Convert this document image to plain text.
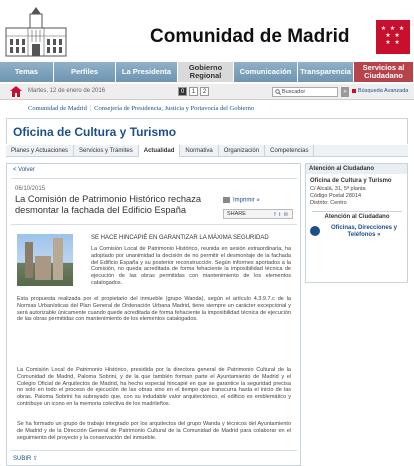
Comunidad de Madrid	★ ★ ★
★ ★
★ ★
Temas	Perfiles	La Presidenta	Gobierno Regional	Comunicación	Transparencia	Servicios al Ciudadano
Martes, 12 de enero de 2016	0	1	2	Buscador	»	Búsqueda Avanzada
Comunidad de Madrid | Consejería de Presidencia, Justicia y Portavocía del Gobierno
Oficina de Cultura y Turismo
Planes y Actuaciones	Servicios y Trámites	Actualidad	Normativa	Organización	Competencias
< Volver
06/10/2015
La Comisión de Patrimonio Histórico rechaza desmontar la fachada del Edificio España
Imprimir »
SHARE	f t ✉
SE HACE HINCAPIÉ EN GARANTIZAR LA MÁXIMA SEGURIDAD
La Comisión Local de Patrimonio Histórico, reunida en sesión extraordinaria, ha adoptado por unanimidad la decisión de no permitir el desmontaje de la fachada del Edificio España y su posterior reconstrucción. Según informes aportados a la Comisión, no queda acreditada de forma fehaciente la imposibilidad técnica de ejecución de las obras permitidas con mantenimiento de los elementos catalogados.
Esta propuesta realizada por el propietario del inmueble (grupo Wanda), según el artículo 4.3.9.7.c de la Normas Urbanísticas del Plan General de Ordenación Urbana Madrid, tiene siempre un carácter excepcional y será autorizable únicamente cuando quede acreditada de forma fehaciente la imposibilidad técnica de ejecución de las obras permitidas con mantenimiento de los elementos catalogados.
La Comisión Local de Patrimonio Histórico, presidida por la directora general de Patrimonio Cultural de la Comunidad de Madrid, Paloma Sobrini, y de la que también forman parte el Ayuntamiento de Madrid y el Colegio Oficial de Arquitectos de Madrid, ha hecho especial hincapié en que se garantice la seguridad precisa no solo en todo el proceso de ejecución de las obras sino en el tiempo que transcurra hasta el inicio de las obras. Paloma Sobrini ha subrayado que, con su indudable valor arquitectónico, el edificio es emblemático y contribuye un icono en la memoria colectiva de los madrileños.
Se ha formado un grupo de trabajo integrado por los arquitectos del grupo Wanda y técnicos del Ayuntamiento de Madrid y de la Dirección General de Patrimonio Cultural de la Comunidad de Madrid para colaborar en el seguimiento del proyecto y la conservación del inmueble.
SUBIR ⇧
Atención al Ciudadano
Oficina de Cultura y Turismo
C/ Alcalá, 31, 5ª planta
Código Postal 28014
Distrito: Centro
Atención al Ciudadano
Oficinas, Direcciones y Teléfonos »
